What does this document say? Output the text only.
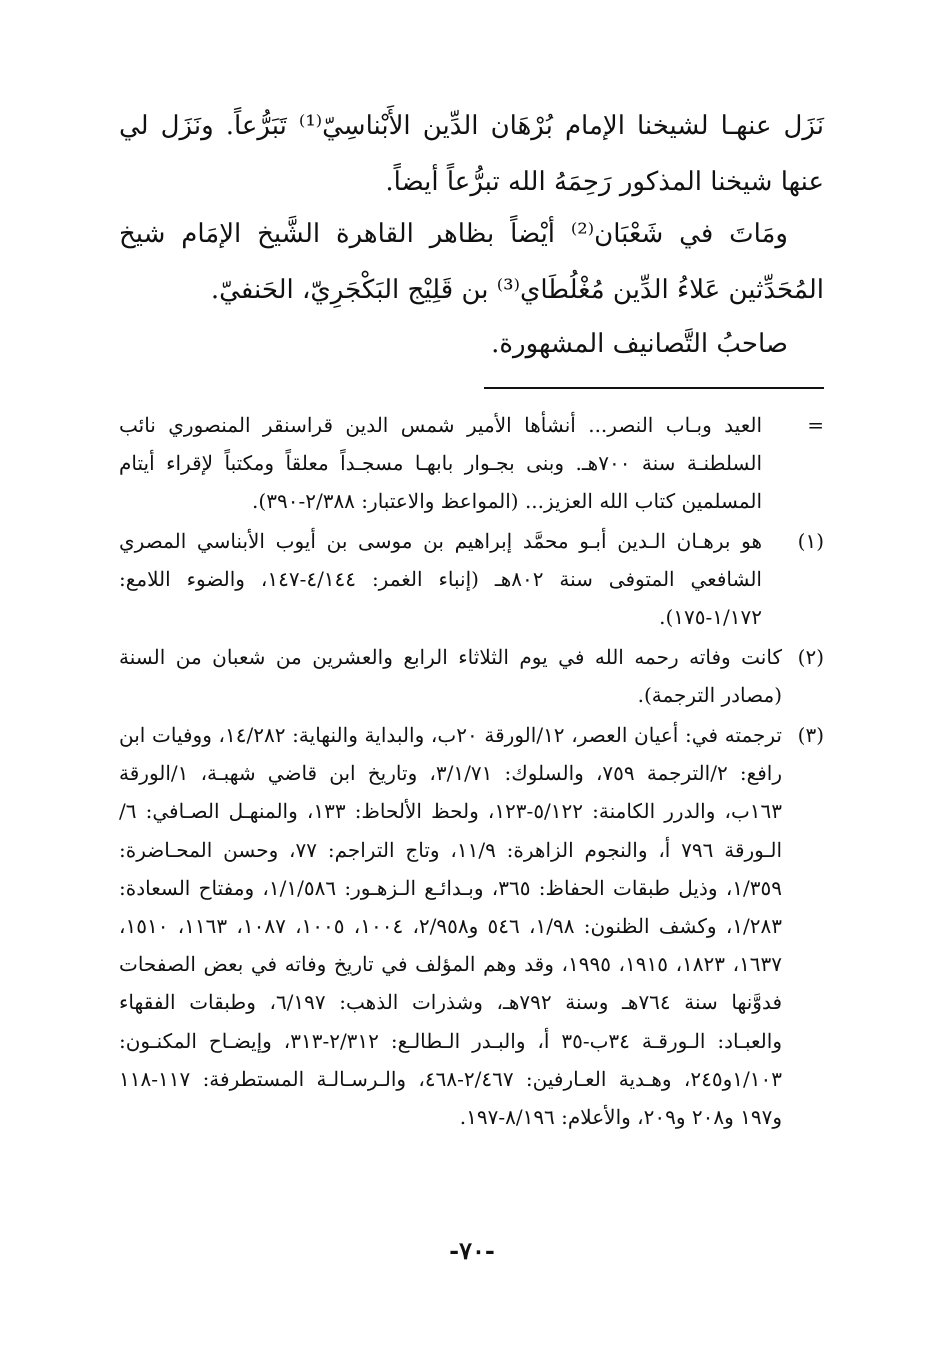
نَزَل عنهـا لشيخنا الإمام بُرْهَان الدِّين الأَبْناسِيّ⁽¹⁾ تَبَرُّعاً. ونَزَل لي عنها شيخنا المذكور رَحِمَهُ الله تبرُّعاً أيضاً.

ومَاتَ في شَعْبَان⁽²⁾ أيْضاً بظاهر القاهرة الشَّيخ الإمَام شيخ المُحَدِّثين عَلاءُ الدِّين مُغْلُطَاي⁽³⁾ بن قَلِيْج البَكْجَرِيّ، الحَنفيّ.

صاحبُ التَّصانيف المشهورة.

=
العيد وبـاب النصر... أنشأها الأمير شمس الدين قراسنقر المنصوري نائب السلطنـة سنة ٧٠٠هـ. وبنى بجـوار بابهـا مسجـداً معلقاً ومكتباً لإقراء أيتام المسلمين كتاب الله العزيز... (المواعظ والاعتبار: ٢/٣٨٨-٣٩٠).
(١)
هو برهـان الـدين أبـو محمَّد إبراهيم بن موسى بن أيوب الأبناسي المصري الشافعي المتوفى سنة ٨٠٢هـ (إنباء الغمر: ٤/١٤٤-١٤٧، والضوء اللامع: ١/١٧٢-١٧٥).
(٢)كانت وفاته رحمه الله في يوم الثلاثاء الرابع والعشرين من شعبان من السنة (مصادر الترجمة).
(٣)ترجمته في: أعيان العصر، ١٢/الورقة ٢٠ب، والبداية والنهاية: ١٤/٢٨٢، ووفيات ابن رافع: ٢/الترجمة ٧٥٩، والسلوك: ٣/١/٧١، وتاريخ ابن قاضي شهبـة، ١/الورقة ١٦٣ب، والدرر الكامنة: ٥/١٢٢-١٢٣، ولحظ الألحاظ: ١٣٣، والمنهـل الصـافي: ٦/الـورقة ٧٩٦ أ، والنجوم الزاهرة: ١١/٩، وتاج التراجم: ٧٧، وحسن المحـاضرة: ١/٣٥٩، وذيل طبقات الحفاظ: ٣٦٥، وبـدائـع الـزهـور: ١/١/٥٨٦، ومفتاح السعادة: ١/٢٨٣، وكشف الظنون: ١/٩٨، ٥٤٦ و٢/٩٥٨، ١٠٠٤، ١٠٠٥، ١٠٨٧، ١١٦٣، ١٥١٠، ١٦٣٧، ١٨٢٣، ١٩١٥، ١٩٩٥، وقد وهم المؤلف في تاريخ وفاته في بعض الصفحات فدوَّنها سنة ٧٦٤هـ وسنة ٧٩٢هـ، وشذرات الذهب: ٦/١٩٧، وطبقات الفقهاء والعبـاد: الـورقـة ٣٤ب-٣٥ أ، والبـدر الـطالـع: ٢/٣١٢-٣١٣، وإيضـاح المكنـون: ١/١٠٣و٢٤٥، وهـدية العـارفين: ٢/٤٦٧-٤٦٨، والـرسـالـة المستطرفة: ١١٧-١١٨ و١٩٧ و٢٠٨ و٢٠٩، والأعلام: ٨/١٩٦-١٩٧.
-٧٠-
